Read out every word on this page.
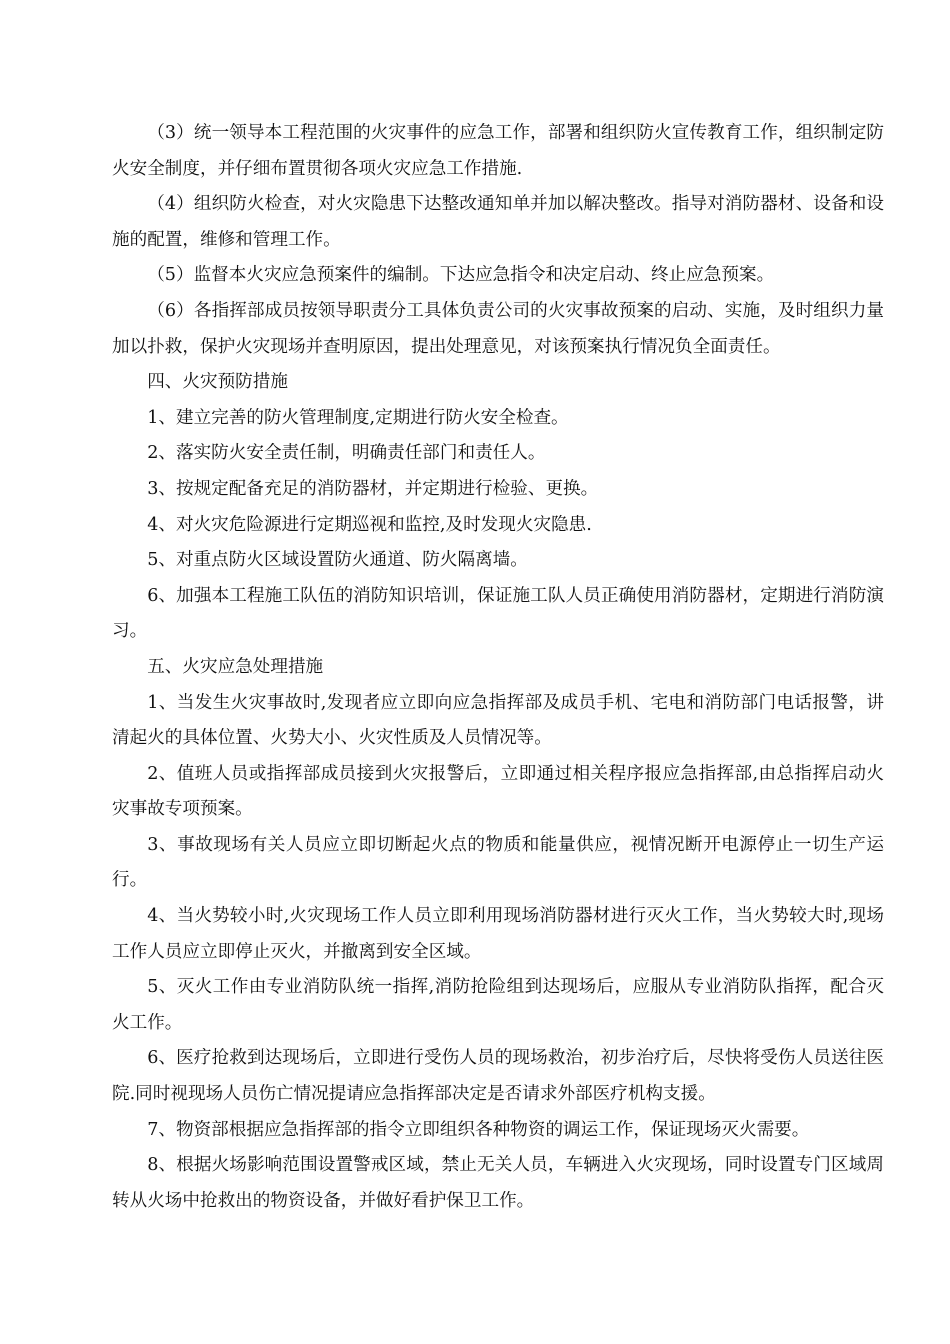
（3）统一领导本工程范围的火灾事件的应急工作，部署和组织防火宣传教育工作，组织制定防火安全制度，并仔细布置贯彻各项火灾应急工作措施.

（4）组织防火检查，对火灾隐患下达整改通知单并加以解决整改。指导对消防器材、设备和设施的配置，维修和管理工作。

（5）监督本火灾应急预案件的编制。下达应急指令和决定启动、终止应急预案。

（6）各指挥部成员按领导职责分工具体负责公司的火灾事故预案的启动、实施，及时组织力量加以扑救，保护火灾现场并查明原因，提出处理意见，对该预案执行情况负全面责任。

四、火灾预防措施

1、建立完善的防火管理制度,定期进行防火安全检查。

2、落实防火安全责任制，明确责任部门和责任人。

3、按规定配备充足的消防器材，并定期进行检验、更换。

4、对火灾危险源进行定期巡视和监控,及时发现火灾隐患.

5、对重点防火区域设置防火通道、防火隔离墙。

6、加强本工程施工队伍的消防知识培训，保证施工队人员正确使用消防器材，定期进行消防演习。

五、火灾应急处理措施

1、当发生火灾事故时,发现者应立即向应急指挥部及成员手机、宅电和消防部门电话报警，讲清起火的具体位置、火势大小、火灾性质及人员情况等。

2、值班人员或指挥部成员接到火灾报警后，立即通过相关程序报应急指挥部,由总指挥启动火灾事故专项预案。

3、事故现场有关人员应立即切断起火点的物质和能量供应，视情况断开电源停止一切生产运行。

4、当火势较小时,火灾现场工作人员立即利用现场消防器材进行灭火工作，当火势较大时,现场工作人员应立即停止灭火，并撤离到安全区域。

5、灭火工作由专业消防队统一指挥,消防抢险组到达现场后，应服从专业消防队指挥，配合灭火工作。

6、医疗抢救到达现场后，立即进行受伤人员的现场救治，初步治疗后，尽快将受伤人员送往医院.同时视现场人员伤亡情况提请应急指挥部决定是否请求外部医疗机构支援。

7、物资部根据应急指挥部的指令立即组织各种物资的调运工作，保证现场灭火需要。

8、根据火场影响范围设置警戒区域，禁止无关人员，车辆进入火灾现场，同时设置专门区域周转从火场中抢救出的物资设备，并做好看护保卫工作。
